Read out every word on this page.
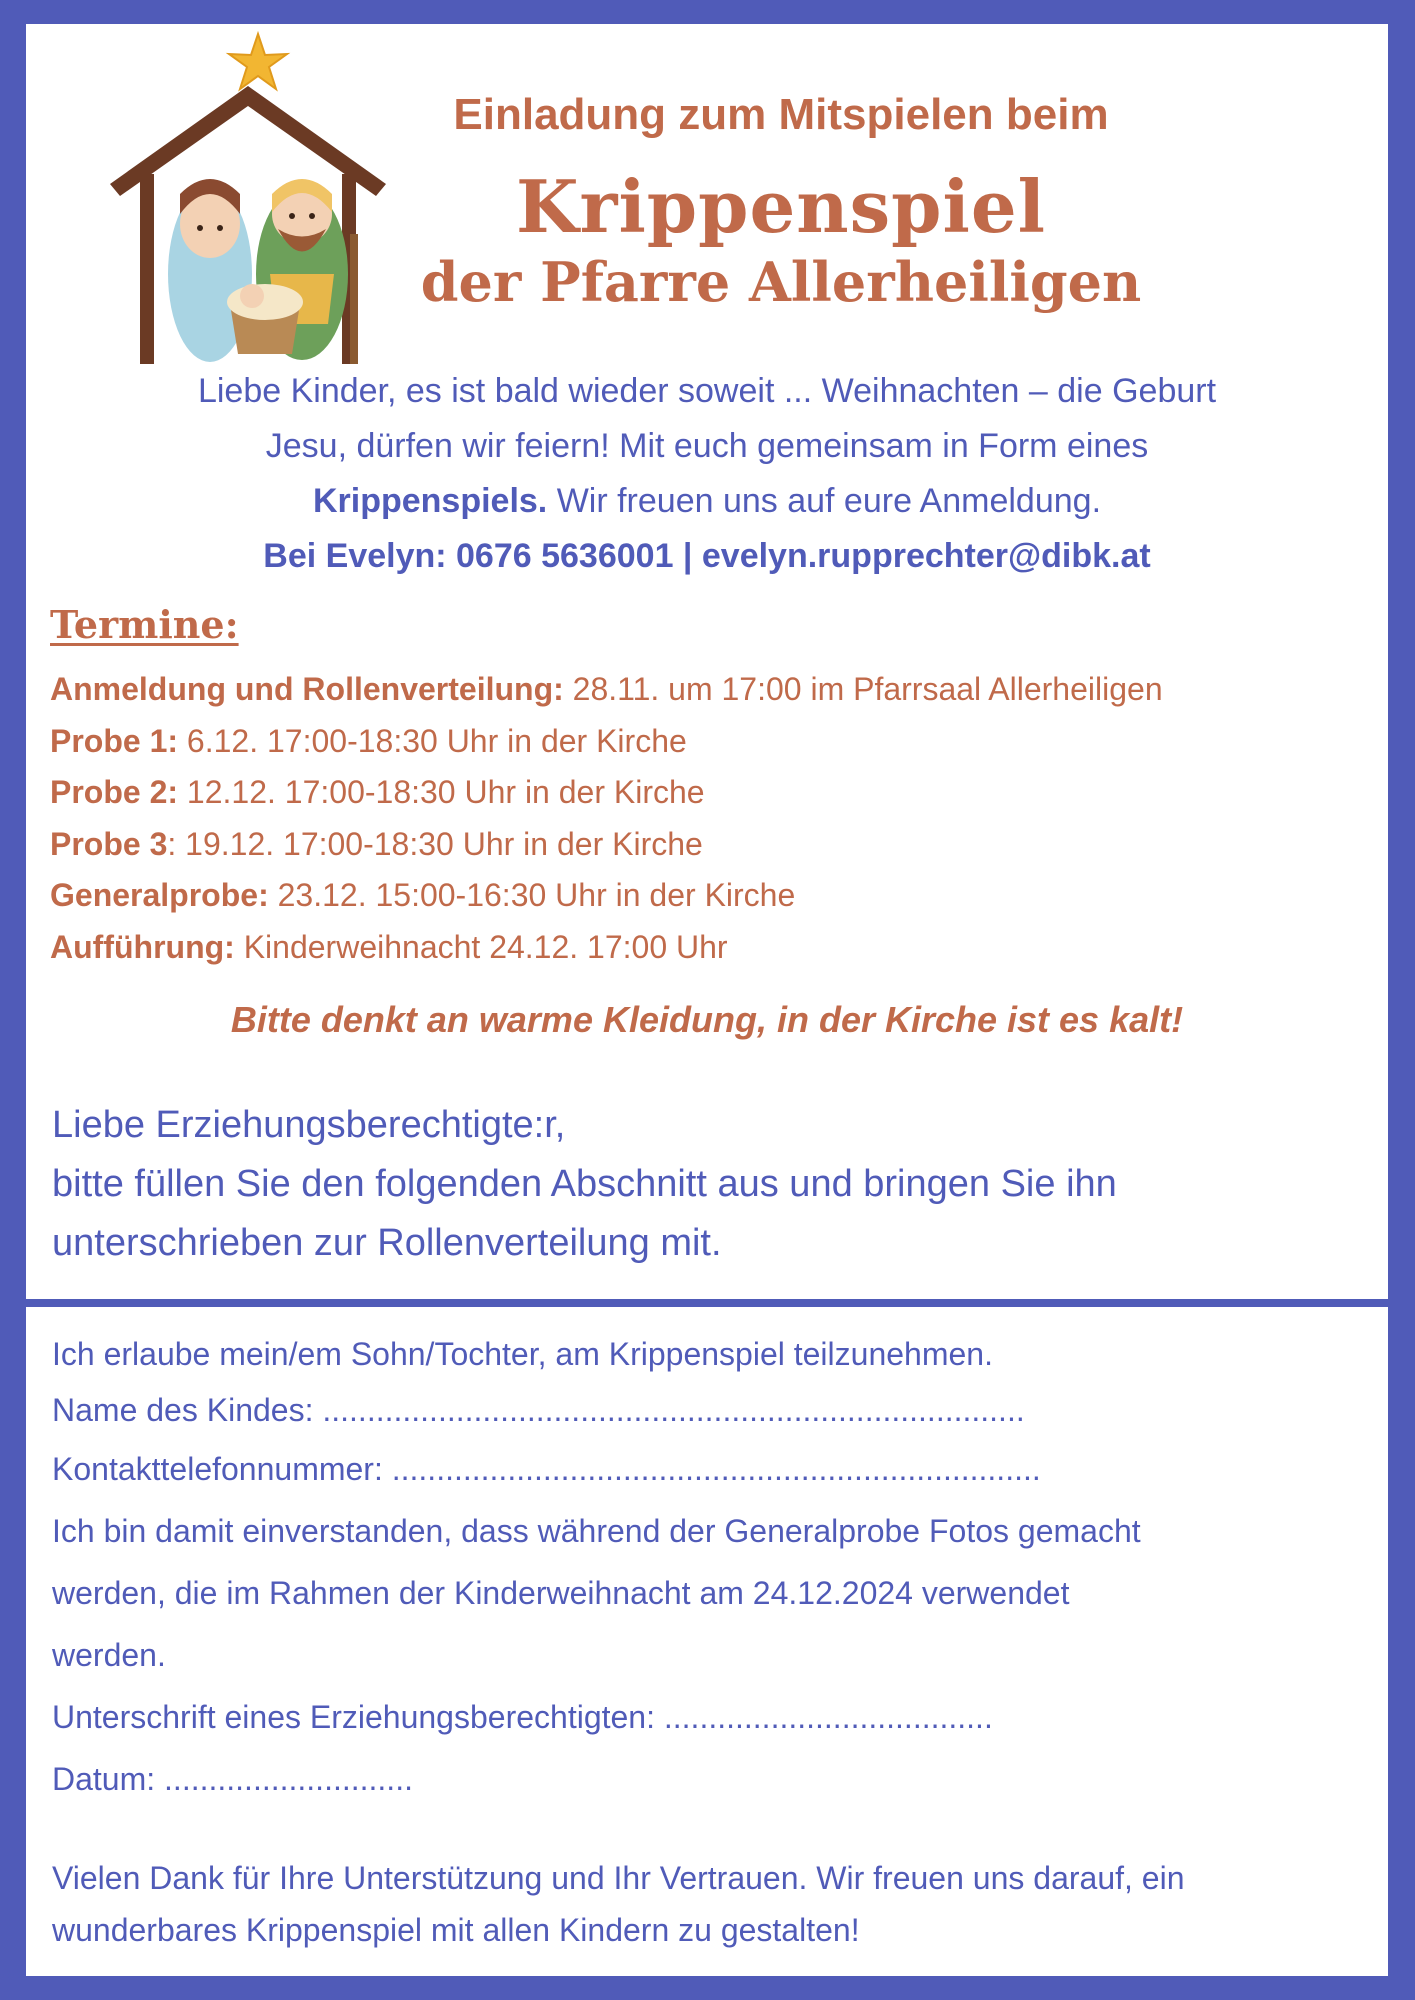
Einladung zum Mitspielen beim
Krippenspiel
der Pfarre Allerheiligen
Liebe Kinder, es ist bald wieder soweit ... Weihnachten – die Geburt
Jesu, dürfen wir feiern! Mit euch gemeinsam in Form eines
Krippenspiels. Wir freuen uns auf eure Anmeldung.
Bei Evelyn: 0676 5636001 | evelyn.rupprechter@dibk.at
Termine:
Anmeldung und Rollenverteilung: 28.11. um 17:00 im Pfarrsaal Allerheiligen
Probe 1: 6.12. 17:00-18:30 Uhr in der Kirche
Probe 2: 12.12. 17:00-18:30 Uhr in der Kirche
Probe 3: 19.12. 17:00-18:30 Uhr in der Kirche
Generalprobe: 23.12. 15:00-16:30 Uhr in der Kirche
Aufführung: Kinderweihnacht 24.12. 17:00 Uhr
Bitte denkt an warme Kleidung, in der Kirche ist es kalt!
Liebe Erziehungsberechtigte:r,
bitte füllen Sie den folgenden Abschnitt aus und bringen Sie ihn
unterschrieben zur Rollenverteilung mit.
Ich erlaube mein/em Sohn/Tochter, am Krippenspiel teilzunehmen.
Name des Kindes: ...............................................................................
Kontakttelefonnummer: .........................................................................
Ich bin damit einverstanden, dass während der Generalprobe Fotos gemacht
werden, die im Rahmen der Kinderweihnacht am 24.12.2024 verwendet
werden.
Unterschrift eines Erziehungsberechtigten: .....................................
Datum: ............................
Vielen Dank für Ihre Unterstützung und Ihr Vertrauen. Wir freuen uns darauf, ein
wunderbares Krippenspiel mit allen Kindern zu gestalten!
